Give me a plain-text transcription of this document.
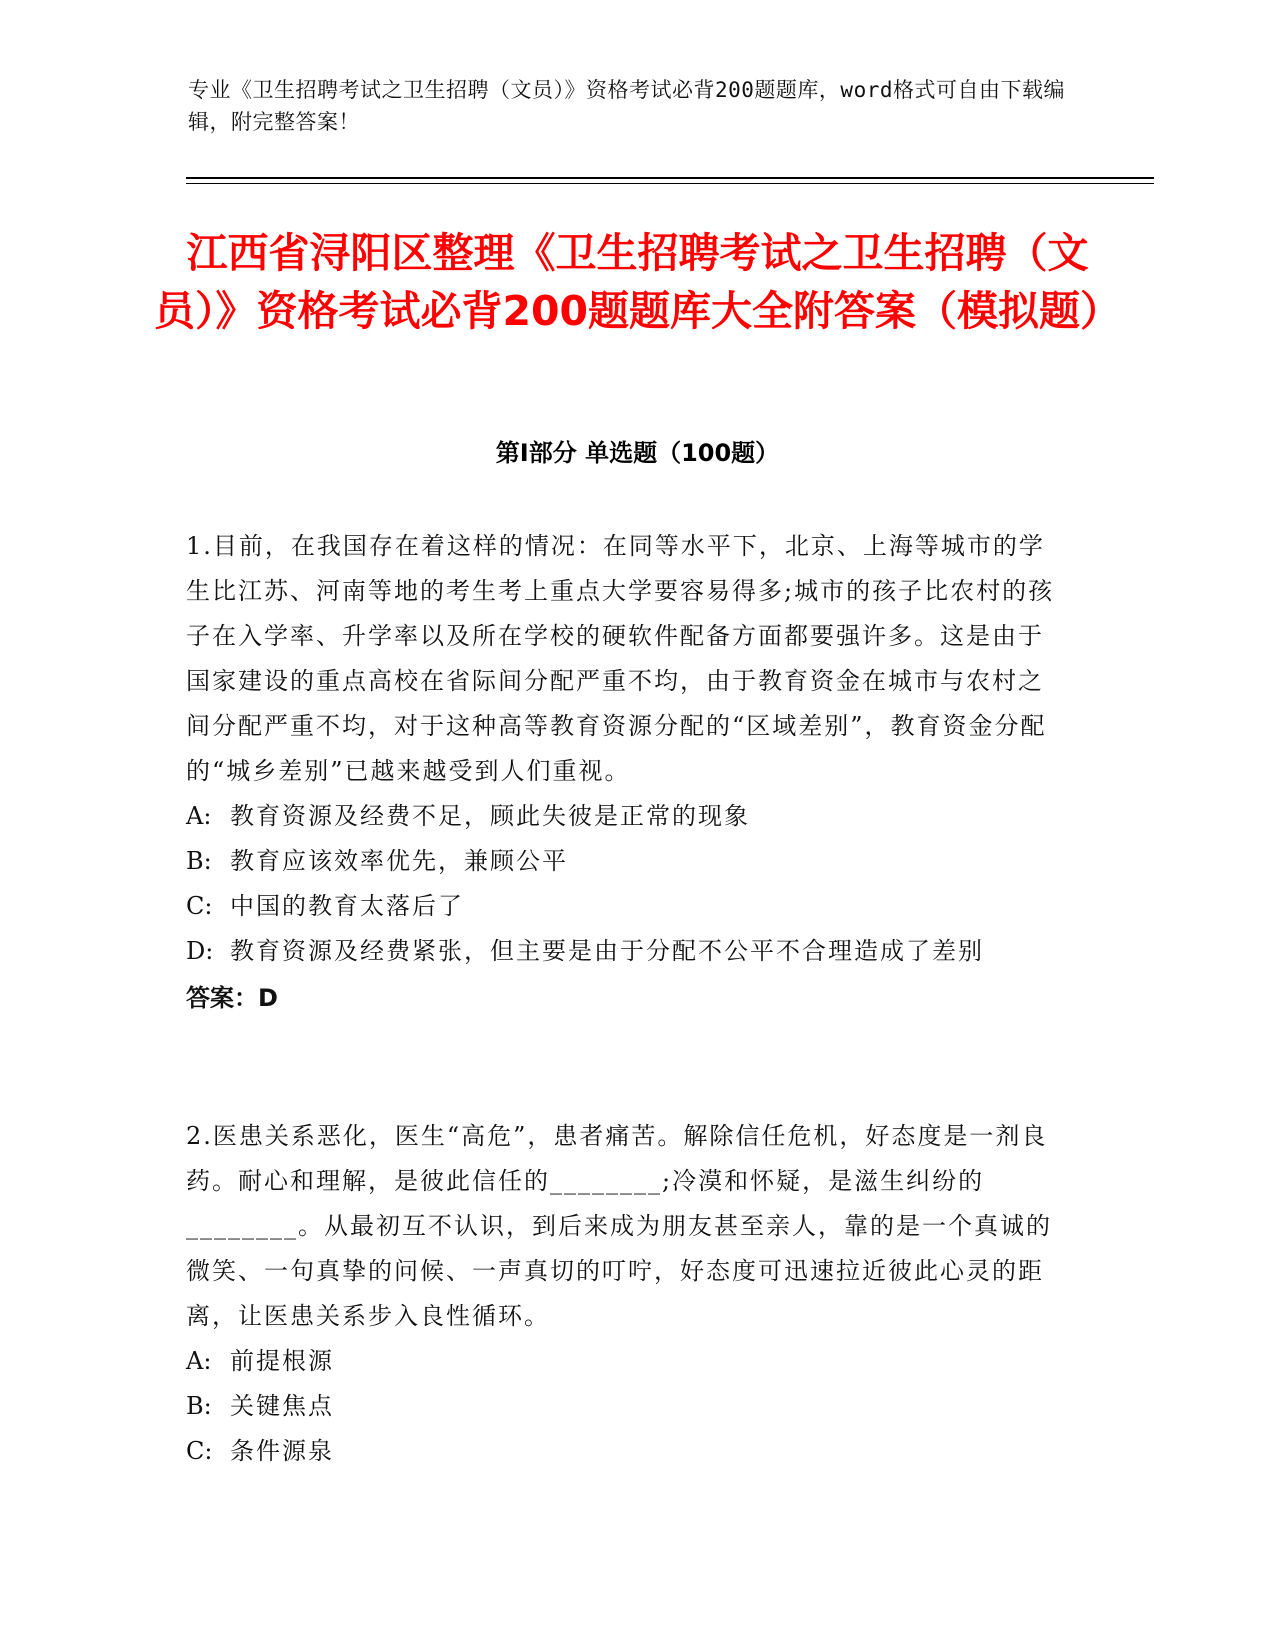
专业《卫生招聘考试之卫生招聘（文员）》资格考试必背200题题库，word格式可自由下载编辑，附完整答案！
江西省浔阳区整理《卫生招聘考试之卫生招聘（文员）》资格考试必背200题题库大全附答案（模拟题）
第Ⅰ部分 单选题（100题）

1.目前，在我国存在着这样的情况：在同等水平下，北京、上海等城市的学生比江苏、河南等地的考生考上重点大学要容易得多;城市的孩子比农村的孩子在入学率、升学率以及所在学校的硬软件配备方面都要强许多。这是由于国家建设的重点高校在省际间分配严重不均，由于教育资金在城市与农村之间分配严重不均，对于这种高等教育资源分配的“区域差别”，教育资金分配的“城乡差别”已越来越受到人们重视。

A: 教育资源及经费不足，顾此失彼是正常的现象
B: 教育应该效率优先，兼顾公平
C: 中国的教育太落后了
D: 教育资源及经费紧张，但主要是由于分配不公平不合理造成了差别
答案：D

2.医患关系恶化，医生“高危”，患者痛苦。解除信任危机，好态度是一剂良药。耐心和理解，是彼此信任的________;冷漠和怀疑，是滋生纠纷的________。从最初互不认识，到后来成为朋友甚至亲人，靠的是一个真诚的微笑、一句真挚的问候、一声真切的叮咛，好态度可迅速拉近彼此心灵的距离，让医患关系步入良性循环。

A: 前提根源
B: 关键焦点
C: 条件源泉
